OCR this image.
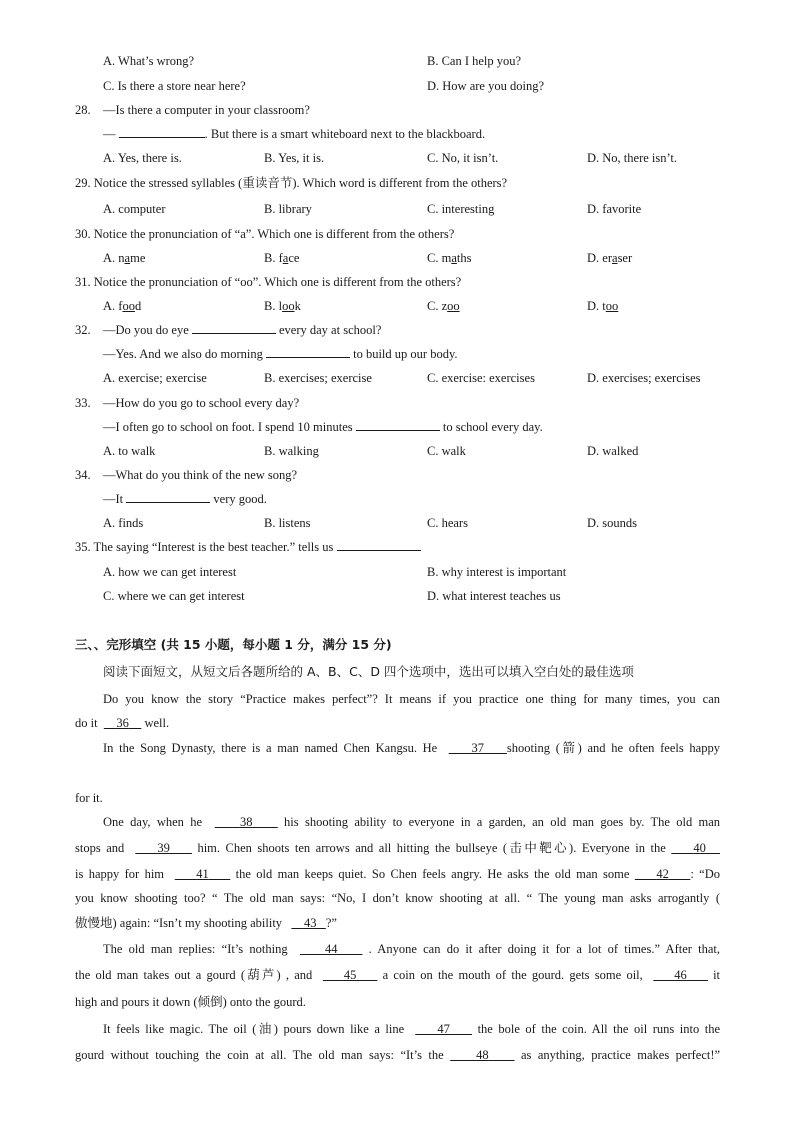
A. What’s wrong?	B. Can I help you?
C. Is there a store near here?	D. How are you doing?
28. —Is there a computer in your classroom?
—	. But there is a smart whiteboard next to the blackboard.
A. Yes, there is.	B. Yes, it is.	C. No, it isn’t.	D. No, there isn’t.
29. Notice the stressed syllables (重读音节). Which word is different from the others?
A. computer	B. library	C. interesting	D. favorite
30. Notice the pronunciation of “a”. Which one is different from the others?
A. name	B. face	C. maths	D. eraser
31. Notice the pronunciation of “oo”. Which one is different from the others?
A. food	B. look	C. zoo	D. too
32. —Do you do eye	every day at school?
—Yes. And we also do morning	to build up our body.
A. exercise; exercise	B. exercises; exercise	C. exercise: exercises	D. exercises; exercises
33. —How do you go to school every day?
—I often go to school on foot. I spend 10 minutes	to school every day.
A. to walk	B. walking	C. walk	D. walked
34. —What do you think of the new song?
—It	very good.
A. finds	B. listens	C. hears	D. sounds
35. The saying “Interest is the best teacher.” tells us
A. how we can get interest	B. why interest is important
C. where we can get interest	D. what interest teaches us
三、、完形填空 (共 15 小题，每小题 1 分，满分 15 分)
阅读下面短文，从短文后各题所给的 A、B、C、D 四个选项中，选出可以填入空白处的最佳选项
Do you know the story “Practice makes perfect”? It means if you practice one thing for many times, you can
do it 36 well.
In the Song Dynasty, there is a man named Chen Kangsu. He	37 shooting (箭) and he often feels happy
for it.
One day, when he	38	his shooting ability to everyone in a garden, an old man goes by. The old man
stops and	39 him. Chen shoots ten arrows and all hitting the bullseye (击中靶心). Everyone in the 40
is happy for him	41 the old man keeps quiet. So Chen feels angry. He asks the old man some 42 : “Do
you know shooting too? “ The old man says: “No, I don’t know shooting at all. “ The young man asks arrogantly (
傲慢地) again: “Isn’t my shooting ability 43 ?”
The old man replies: “It’s nothing	44 . Anyone can do it after doing it for a lot of times.” After that,
the old man takes out a gourd (葫芦) , and	45 a coin on the mouth of the gourd. gets some oil,	46 it
high and pours it down (倾倒) onto the gourd.
It feels like magic. The oil (油) pours down like a line	47 the bole of the coin. All the oil runs into the
gourd without touching the coin at all. The old man says: “It’s the	48	as anything, practice makes perfect!”
